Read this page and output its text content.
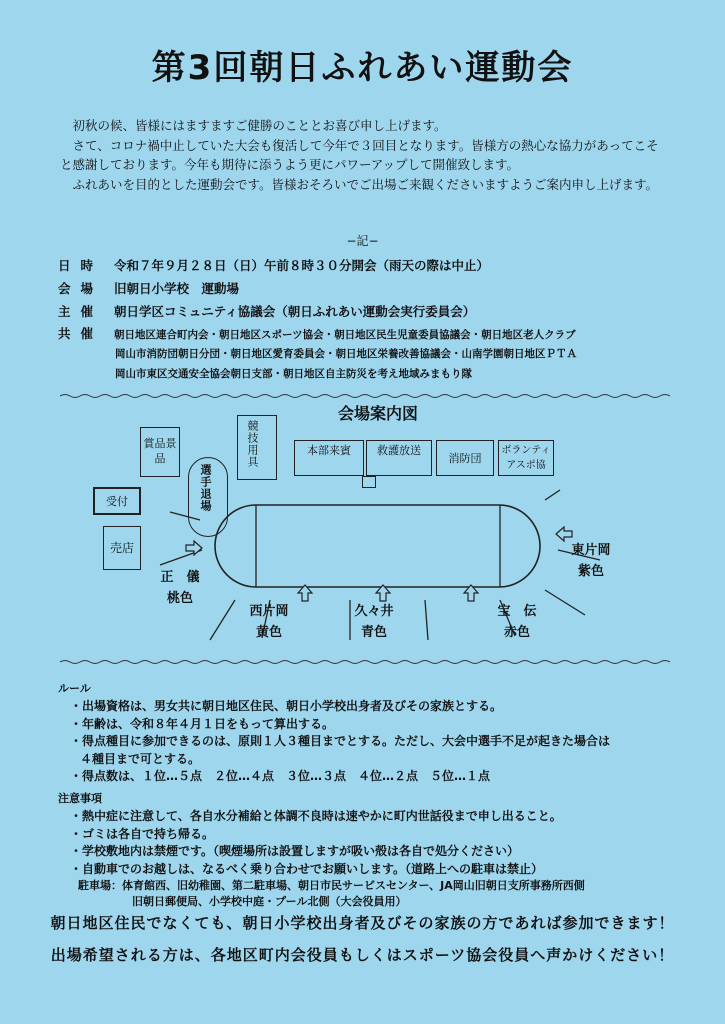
第3回朝日ふれあい運動会

初秋の候、皆様にはますますご健勝のこととお喜び申し上げます。

さて、コロナ禍中止していた大会も復活して今年で３回目となります。皆様方の熱心な協力があってこそと感謝しております。今年も期待に添うよう更にパワーアップして開催致します。

ふれあいを目的とした運動会です。皆様おそろいでご出場ご来観くださいますようご案内申し上げます。

−記−
日時 令和７年９月２８日（日）午前８時３０分開会（雨天の際は中止）
会場 旧朝日小学校　運動場
主催 朝日学区コミュニティ協議会（朝日ふれあい運動会実行委員会）
共催 朝日地区連合町内会・朝日地区スポーツ協会・朝日地区民生児童委員協議会・朝日地区老人クラブ
岡山市消防団朝日分団・朝日地区愛育委員会・朝日地区栄養改善協議会・山南学園朝日地区ＰＴＡ
岡山市東区交通安全協会朝日支部・朝日地区自主防災を考え地域みまもり隊
会場案内図
賞品景品	競技用具	本部来賓	救護放送
消防団
ボランティアスポ協
受付
売店
選手退場
正　儀
桃色
西片岡
黄色
久々井
青色
宝　伝
赤色
東片岡
紫色

ルール

・出場資格は、男女共に朝日地区住民、朝日小学校出身者及びその家族とする。

・年齢は、令和８年４月１日をもって算出する。

・得点種目に参加できるのは、原則１人３種目までとする。ただし、大会中選手不足が起きた場合は

４種目まで可とする。

・得点数は、１位…５点　２位…４点　３位…３点　４位…２点　５位…１点

注意事項

・熱中症に注意して、各自水分補給と体調不良時は速やかに町内世話役まで申し出ること。

・ゴミは各自で持ち帰る。

・学校敷地内は禁煙です。（喫煙場所は設置しますが吸い殻は各自で処分ください）

・自動車でのお越しは、なるべく乗り合わせでお願いします。（道路上への駐車は禁止）

駐車場：体育館西、旧幼稚園、第二駐車場、朝日市民サービスセンター、JA岡山旧朝日支所事務所西側

旧朝日郵便局、小学校中庭・プール北側（大会役員用）

朝日地区住民でなくても、朝日小学校出身者及びその家族の方であれば参加できます！
出場希望される方は、各地区町内会役員もしくはスポーツ協会役員へ声かけください！
